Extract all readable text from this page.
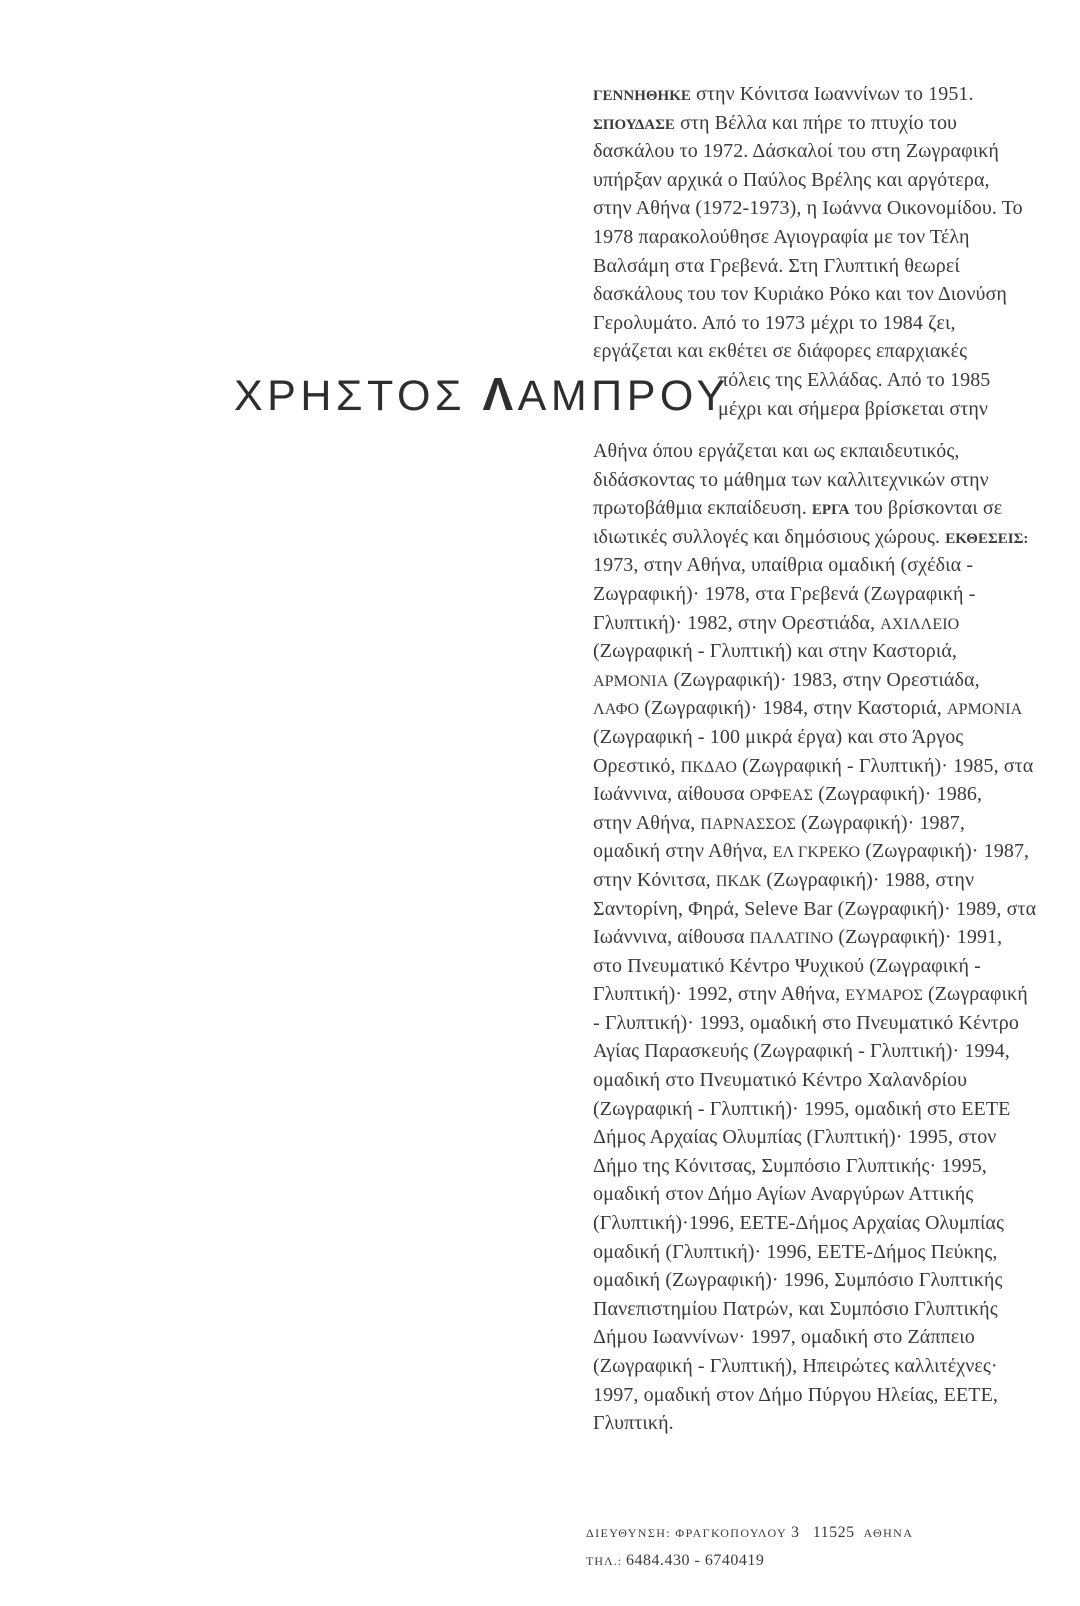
ΓΕΝΝΗΘΗΚΕ στην Κόνιτσα Ιωαννίνων το 1951.
ΣΠΟΥΔΑΣΕ στη Βέλλα και πήρε το πτυχίο του
δασκάλου το 1972. Δάσκαλοί του στη Ζωγραφική
υπήρξαν αρχικά ο Παύλος Βρέλης και αργότερα,
στην Αθήνα (1972-1973), η Ιωάννα Οικονομίδου. Το
1978 παρακολούθησε Αγιογραφία με τον Τέλη
Βαλσάμη στα Γρεβενά. Στη Γλυπτική θεωρεί
δασκάλους του τον Κυριάκο Ρόκο και τον Διονύση
Γερολυμάτο. Από το 1973 μέχρι το 1984 ζει,
εργάζεται και εκθέτει σε διάφορες επαρχιακές
πόλεις της Ελλάδας. Από το 1985
μέχρι και σήμερα βρίσκεται στην
ΧΡΗΣΤΟΣ ΛΑΜΠΡΟΥ
Αθήνα όπου εργάζεται και ως εκπαιδευτικός,
διδάσκοντας το μάθημα των καλλιτεχνικών στην
πρωτοβάθμια εκπαίδευση. ΕΡΓΑ του βρίσκονται σε
ιδιωτικές συλλογές και δημόσιους χώρους. ΕΚΘΕΣΕΙΣ:
1973, στην Αθήνα, υπαίθρια ομαδική (σχέδια -
Ζωγραφική)· 1978, στα Γρεβενά (Ζωγραφική -
Γλυπτική)· 1982, στην Ορεστιάδα, ΑΧΙΛΛΕΙΟ
(Ζωγραφική - Γλυπτική) και στην Καστοριά,
ΑΡΜΟΝΙΑ (Ζωγραφική)· 1983, στην Ορεστιάδα,
ΛΑΦΟ (Ζωγραφική)· 1984, στην Καστοριά, ΑΡΜΟΝΙΑ
(Ζωγραφική - 100 μικρά έργα) και στο Άργος
Ορεστικό, ΠΚΔΑΟ (Ζωγραφική - Γλυπτική)· 1985, στα
Ιωάννινα, αίθουσα ΟΡΦΕΑΣ (Ζωγραφική)· 1986,
στην Αθήνα, ΠΑΡΝΑΣΣΟΣ (Ζωγραφική)· 1987,
ομαδική στην Αθήνα, ΕΛ ΓΚΡΕΚΟ (Ζωγραφική)· 1987,
στην Κόνιτσα, ΠΚΔΚ (Ζωγραφική)· 1988, στην
Σαντορίνη, Φηρά, Seleve Bar (Ζωγραφική)· 1989, στα
Ιωάννινα, αίθουσα ΠΑΛΑΤΙΝΟ (Ζωγραφική)· 1991,
στο Πνευματικό Κέντρο Ψυχικού (Ζωγραφική -
Γλυπτική)· 1992, στην Αθήνα, ΕΥΜΑΡΟΣ (Ζωγραφική
- Γλυπτική)· 1993, ομαδική στο Πνευματικό Κέντρο
Αγίας Παρασκευής (Ζωγραφική - Γλυπτική)· 1994,
ομαδική στο Πνευματικό Κέντρο Χαλανδρίου
(Ζωγραφική - Γλυπτική)· 1995, ομαδική στο ΕΕΤΕ
Δήμος Αρχαίας Ολυμπίας (Γλυπτική)· 1995, στον
Δήμο της Κόνιτσας, Συμπόσιο Γλυπτικής· 1995,
ομαδική στον Δήμο Αγίων Αναργύρων Αττικής
(Γλυπτική)·1996, ΕΕΤΕ-Δήμος Αρχαίας Ολυμπίας
ομαδική (Γλυπτική)· 1996, ΕΕΤΕ-Δήμος Πεύκης,
ομαδική (Ζωγραφική)· 1996, Συμπόσιο Γλυπτικής
Πανεπιστημίου Πατρών, και Συμπόσιο Γλυπτικής
Δήμου Ιωαννίνων· 1997, ομαδική στο Ζάππειο
(Ζωγραφική - Γλυπτική), Ηπειρώτες καλλιτέχνες·
1997, ομαδική στον Δήμο Πύργου Ηλείας, ΕΕΤΕ,
Γλυπτική.
ΔΙΕΥΘΥΝΣΗ: ΦΡΑΓΚΟΠΟΥΛΟΥ 3 11525 ΑΘΗΝΑ
ΤΗΛ.: 6484.430 - 6740419
